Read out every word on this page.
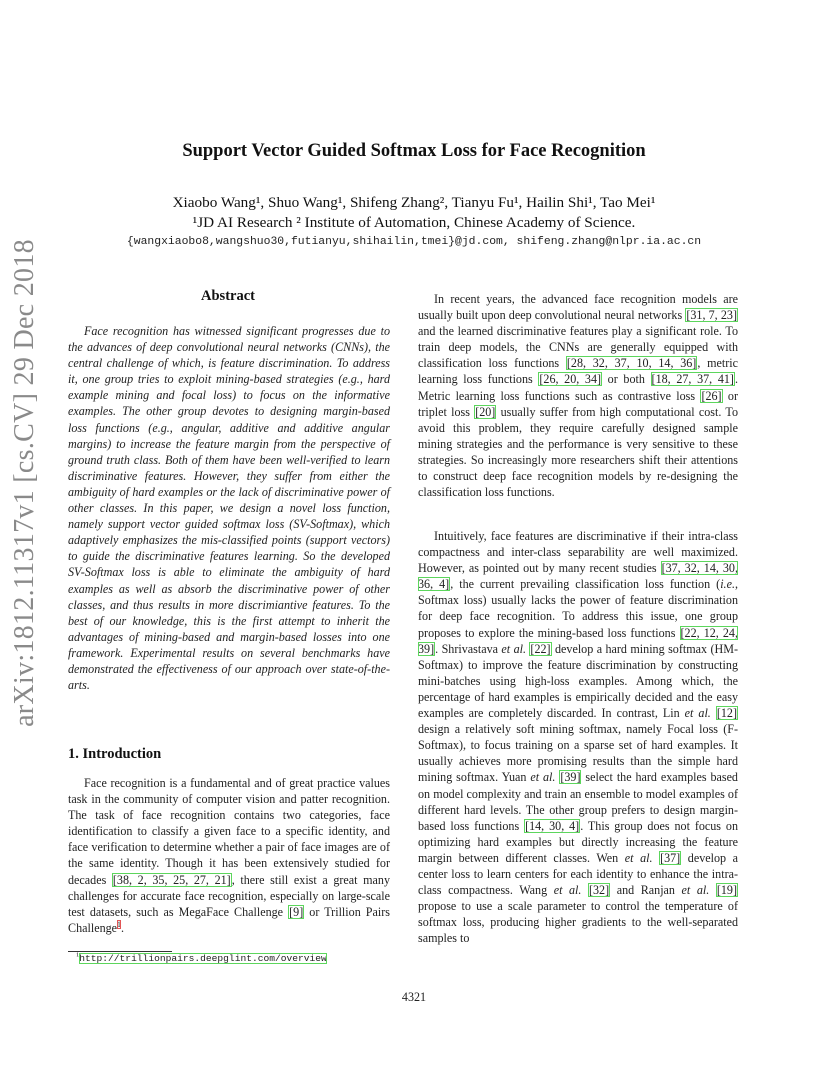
arXiv:1812.11317v1 [cs.CV] 29 Dec 2018
Support Vector Guided Softmax Loss for Face Recognition
Xiaobo Wang¹, Shuo Wang¹, Shifeng Zhang², Tianyu Fu¹, Hailin Shi¹, Tao Mei¹
¹JD AI Research ² Institute of Automation, Chinese Academy of Science.
{wangxiaobo8,wangshuo30,futianyu,shihailin,tmei}@jd.com, shifeng.zhang@nlpr.ia.ac.cn
Abstract

Face recognition has witnessed significant progresses due to the advances of deep convolutional neural networks (CNNs), the central challenge of which, is feature discrimination. To address it, one group tries to exploit mining-based strategies (e.g., hard example mining and focal loss) to focus on the informative examples. The other group devotes to designing margin-based loss functions (e.g., angular, additive and additive angular margins) to increase the feature margin from the perspective of ground truth class. Both of them have been well-verified to learn discriminative features. However, they suffer from either the ambiguity of hard examples or the lack of discriminative power of other classes. In this paper, we design a novel loss function, namely support vector guided softmax loss (SV-Softmax), which adaptively emphasizes the mis-classified points (support vectors) to guide the discriminative features learning. So the developed SV-Softmax loss is able to eliminate the ambiguity of hard examples as well as absorb the discriminative power of other classes, and thus results in more discrimiantive features. To the best of our knowledge, this is the first attempt to inherit the advantages of mining-based and margin-based losses into one framework. Experimental results on several benchmarks have demonstrated the effectiveness of our approach over state-of-the-arts.

1. Introduction

Face recognition is a fundamental and of great practice values task in the community of computer vision and patter recognition. The task of face recognition contains two categories, face identification to classify a given face to a specific identity, and face verification to determine whether a pair of face images are of the same identity. Though it has been extensively studied for decades [38, 2, 35, 25, 27, 21], there still exist a great many challenges for accurate face recognition, especially on large-scale test datasets, such as MegaFace Challenge [9] or Trillion Pairs Challenge$^1$.

$^1$http://trillionpairs.deepglint.com/overview

In recent years, the advanced face recognition models are usually built upon deep convolutional neural networks [31, 7, 23] and the learned discriminative features play a significant role. To train deep models, the CNNs are generally equipped with classification loss functions [28, 32, 37, 10, 14, 36], metric learning loss functions [26, 20, 34] or both [18, 27, 37, 41]. Metric learning loss functions such as contrastive loss [26] or triplet loss [20] usually suffer from high computational cost. To avoid this problem, they require carefully designed sample mining strategies and the performance is very sensitive to these strategies. So increasingly more researchers shift their attentions to construct deep face recognition models by re-designing the classification loss functions.

Intuitively, face features are discriminative if their intra-class compactness and inter-class separability are well maximized. However, as pointed out by many recent studies [37, 32, 14, 30, 36, 4], the current prevailing classification loss function (i.e., Softmax loss) usually lacks the power of feature discrimination for deep face recognition. To address this issue, one group proposes to explore the mining-based loss functions [22, 12, 24, 39]. Shrivastava et al. [22] develop a hard mining softmax (HM-Softmax) to improve the feature discrimination by constructing mini-batches using high-loss examples. Among which, the percentage of hard examples is empirically decided and the easy examples are completely discarded. In contrast, Lin et al. [12] design a relatively soft mining softmax, namely Focal loss (F-Softmax), to focus training on a sparse set of hard examples. It usually achieves more promising results than the simple hard mining softmax. Yuan et al. [39] select the hard examples based on model complexity and train an ensemble to model examples of different hard levels. The other group prefers to design margin-based loss functions [14, 30, 4]. This group does not focus on optimizing hard examples but directly increasing the feature margin between different classes. Wen et al. [37] develop a center loss to learn centers for each identity to enhance the intra-class compactness. Wang et al. [32] and Ranjan et al. [19] propose to use a scale parameter to control the temperature of softmax loss, producing higher gradients to the well-separated samples to

4321
